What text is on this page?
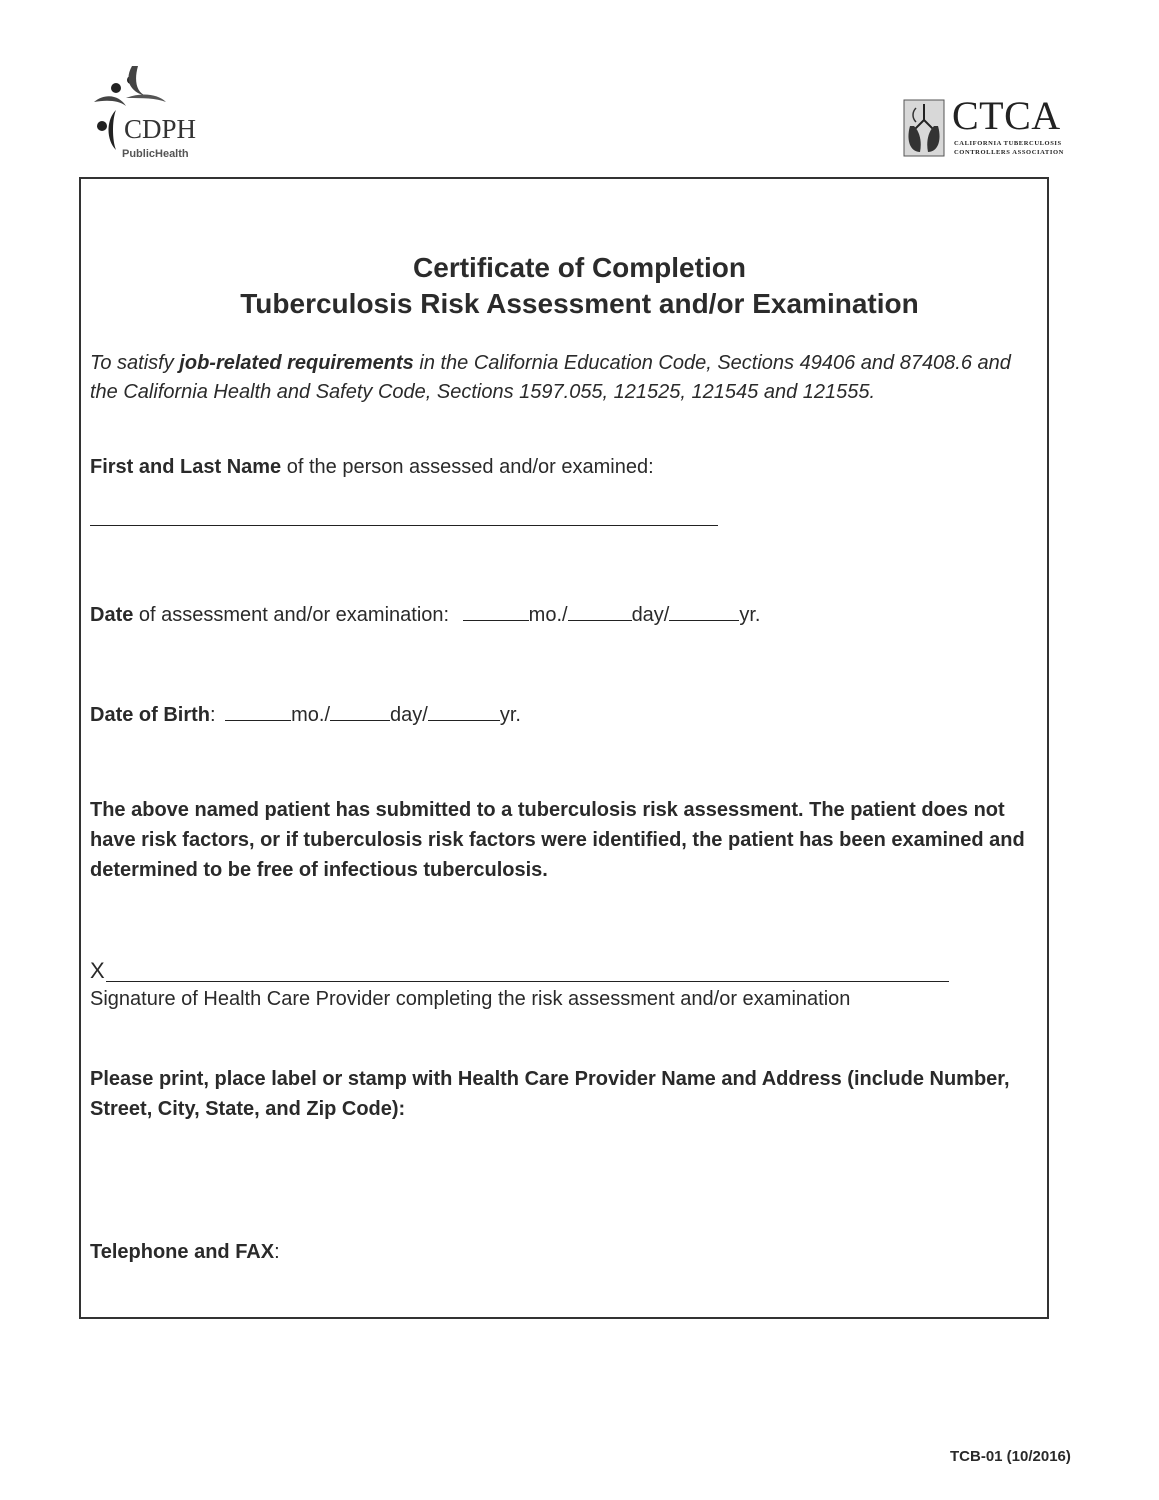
CDPH
PublicHealth
CTCA
CALIFORNIA TUBERCULOSIS
CONTROLLERS ASSOCIATION
Certificate of Completion
Tuberculosis Risk Assessment and/or Examination
To satisfy job-related requirements in the California Education Code, Sections 49406 and 87408.6 and the California Health and Safety Code, Sections 1597.055, 121525, 121545 and 121555.
First and Last Name of the person assessed and/or examined:
Date of assessment and/or examination:	mo./	day/	yr.
Date of Birth:	mo./	day/	yr.
The above named patient has submitted to a tuberculosis risk assessment. The patient does not have risk factors, or if tuberculosis risk factors were identified, the patient has been examined and determined to be free of infectious tuberculosis.
X
Signature of Health Care Provider completing the risk assessment and/or examination
Please print, place label or stamp with Health Care Provider Name and Address (include Number, Street, City, State, and Zip Code):
Telephone and FAX:
TCB-01 (10/2016)
